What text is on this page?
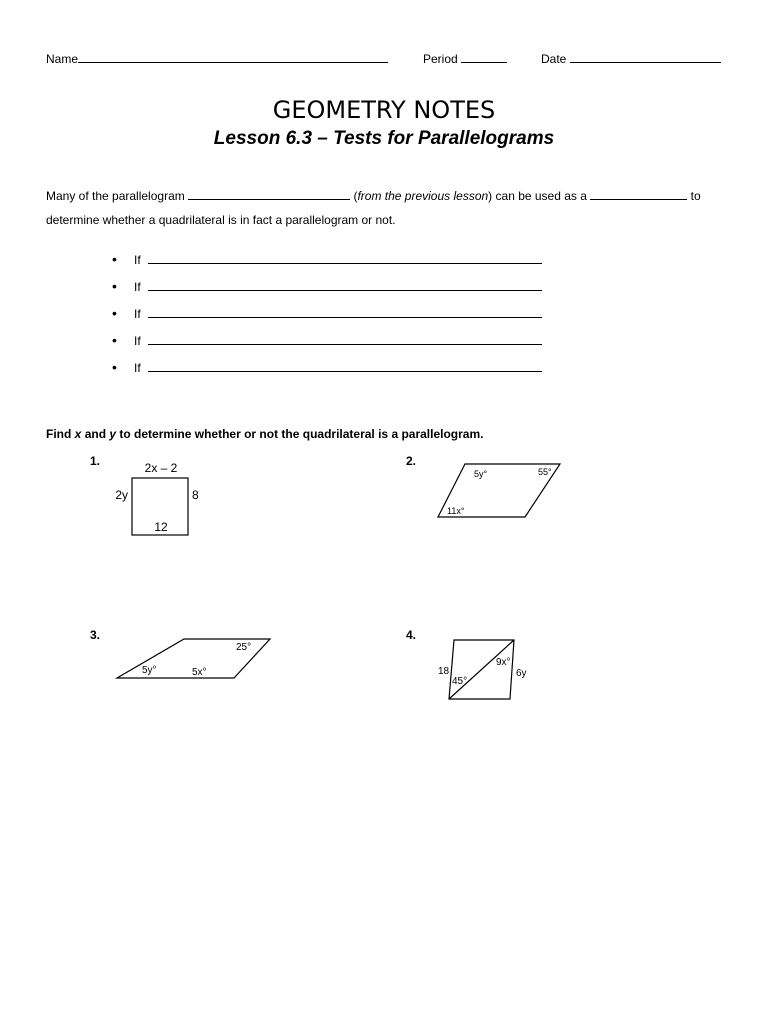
Name	Period	Date
GEOMETRY NOTES
Lesson 6.3 – Tests for Parallelograms
Many of the parallelogram	(from the previous lesson) can be used as a	to
determine whether a quadrilateral is in fact a parallelogram or not.
• If
• If
• If
• If
• If
Find x and y to determine whether or not the quadrilateral is a parallelogram.
1.	2.
3.	4.
2x – 2
2y	8
12
5y°	55°
11x°
25°
5y°	5x°	18
45°
9x°
6y
